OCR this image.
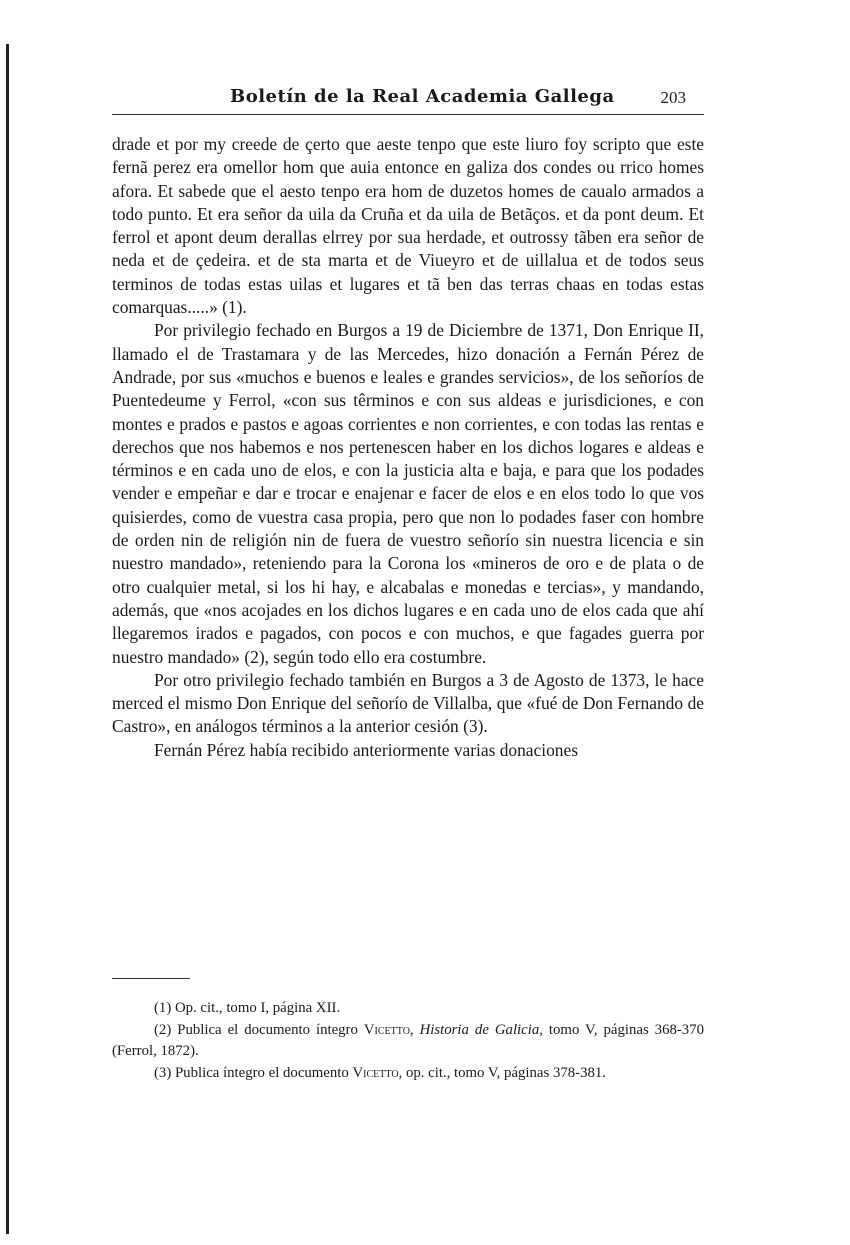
Boletín de la Real Academia Gallega	203

drade et por my creede de çerto que aeste tenpo que este liuro foy scripto que este fernã perez era omellor hom que auia entonce en galiza dos condes ou rrico homes afora. Et sabede que el aesto tenpo era hom de duzetos homes de caualo armados a todo punto. Et era señor da uila da Cruña et da uila de Betãços. et da pont deum. Et ferrol et apont deum derallas elrrey por sua herdade, et outrossy tãben era señor de neda et de çedeira. et de sta marta et de Viueyro et de uillalua et de todos seus terminos de todas estas uilas et lugares et tã ben das terras chaas en todas estas comarquas.....» (1).

Por privilegio fechado en Burgos a 19 de Diciembre de 1371, Don Enrique II, llamado el de Trastamara y de las Mercedes, hizo donación a Fernán Pérez de Andrade, por sus «muchos e buenos e leales e grandes servicios», de los señoríos de Puentedeume y Ferrol, «con sus têrminos e con sus aldeas e jurisdiciones, e con montes e prados e pastos e agoas corrientes e non corrientes, e con todas las rentas e derechos que nos habemos e nos pertenescen haber en los dichos logares e aldeas e términos e en cada uno de elos, e con la justicia alta e baja, e para que los podades vender e empeñar e dar e trocar e enajenar e facer de elos e en elos todo lo que vos quisierdes, como de vuestra casa propia, pero que non lo podades faser con hombre de orden nin de religión nin de fuera de vuestro señorío sin nuestra licencia e sin nuestro mandado», reteniendo para la Corona los «mineros de oro e de plata o de otro cualquier metal, si los hi hay, e alcabalas e monedas e tercias», y mandando, además, que «nos acojades en los dichos lugares e en cada uno de elos cada que ahí llegaremos irados e pagados, con pocos e con muchos, e que fagades guerra por nuestro mandado» (2), según todo ello era costumbre.

Por otro privilegio fechado también en Burgos a 3 de Agosto de 1373, le hace merced el mismo Don Enrique del señorío de Villalba, que «fué de Don Fernando de Castro», en análogos términos a la anterior cesión (3).

Fernán Pérez había recibido anteriormente varias donaciones

(1) Op. cit., tomo I, página XII.

(2) Publica el documento íntegro Vicetto, Historia de Galicia, tomo V, páginas 368-370 (Ferrol, 1872).

(3) Publica íntegro el documento Vicetto, op. cit., tomo V, páginas 378-381.
